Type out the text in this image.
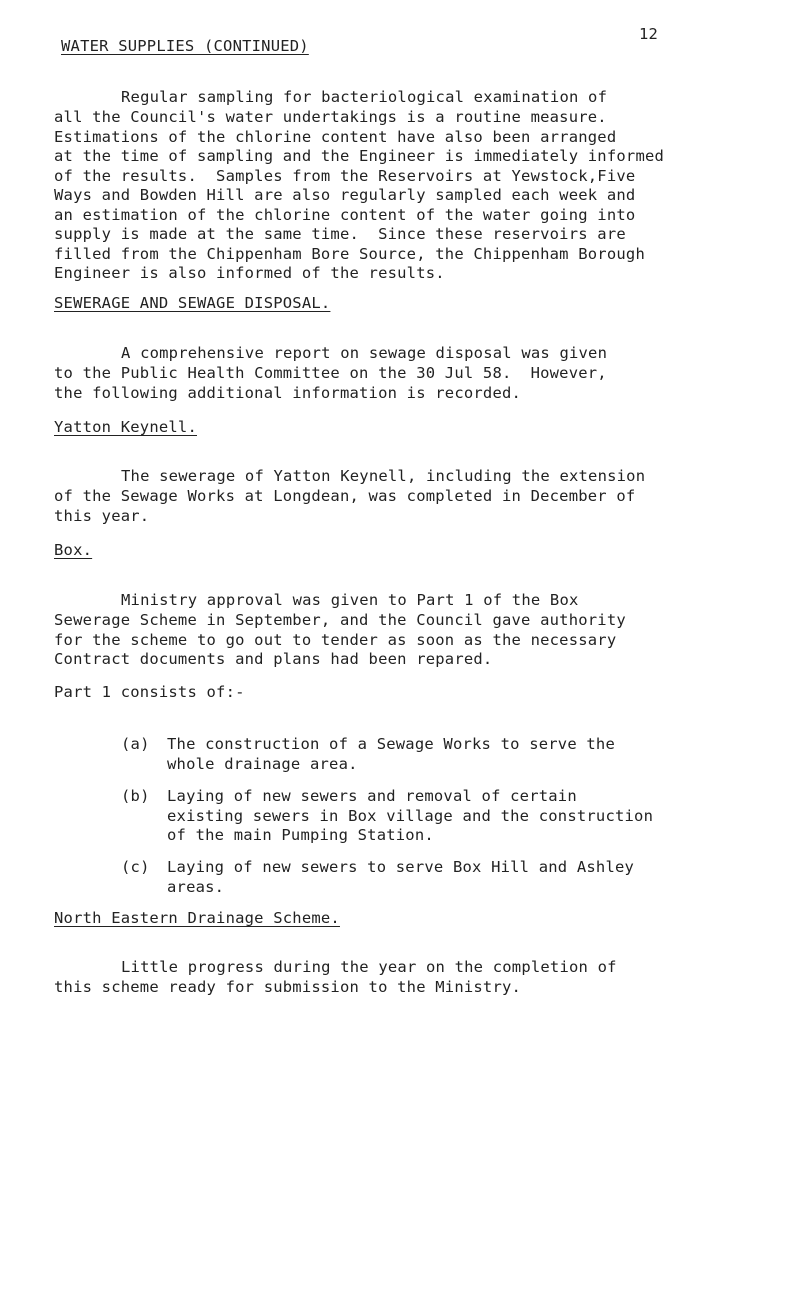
WATER SUPPLIES (CONTINUED)
12
Regular sampling for bacteriological examination of
all the Council's water undertakings is a routine measure.
Estimations of the chlorine content have also been arranged
at the time of sampling and the Engineer is immediately informed
of the results.  Samples from the Reservoirs at Yewstock,Five
Ways and Bowden Hill are also regularly sampled each week and
an estimation of the chlorine content of the water going into
supply is made at the same time.  Since these reservoirs are
filled from the Chippenham Bore Source, the Chippenham Borough
Engineer is also informed of the results.
SEWERAGE AND SEWAGE DISPOSAL.
A comprehensive report on sewage disposal was given
to the Public Health Committee on the 30 Jul 58.  However,
the following additional information is recorded.
Yatton Keynell.
The sewerage of Yatton Keynell, including the extension
of the Sewage Works at Longdean, was completed in December of
this year.
Box.
Ministry approval was given to Part 1 of the Box
Sewerage Scheme in September, and the Council gave authority
for the scheme to go out to tender as soon as the necessary
Contract documents and plans had been repared.
Part 1 consists of:-
(a) The construction of a Sewage Works to serve the
whole drainage area.
(b) Laying of new sewers and removal of certain
existing sewers in Box village and the construction
of the main Pumping Station.
(c) Laying of new sewers to serve Box Hill and Ashley
areas.
North Eastern Drainage Scheme.
Little progress during the year on the completion of
this scheme ready for submission to the Ministry.
